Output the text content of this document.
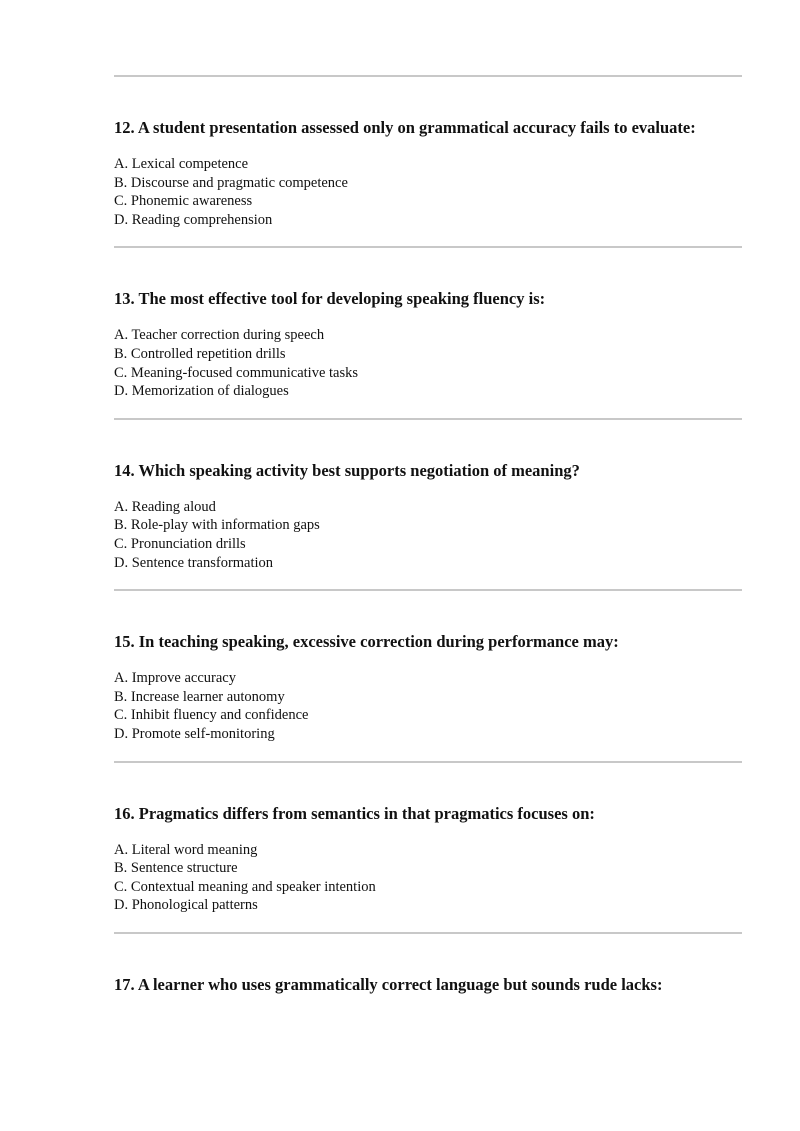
12. A student presentation assessed only on grammatical accuracy fails to evaluate:

A. Lexical competence
B. Discourse and pragmatic competence
C. Phonemic awareness
D. Reading comprehension

13. The most effective tool for developing speaking fluency is:

A. Teacher correction during speech
B. Controlled repetition drills
C. Meaning-focused communicative tasks
D. Memorization of dialogues

14. Which speaking activity best supports negotiation of meaning?

A. Reading aloud
B. Role-play with information gaps
C. Pronunciation drills
D. Sentence transformation

15. In teaching speaking, excessive correction during performance may:

A. Improve accuracy
B. Increase learner autonomy
C. Inhibit fluency and confidence
D. Promote self-monitoring

16. Pragmatics differs from semantics in that pragmatics focuses on:

A. Literal word meaning
B. Sentence structure
C. Contextual meaning and speaker intention
D. Phonological patterns

17. A learner who uses grammatically correct language but sounds rude lacks:
